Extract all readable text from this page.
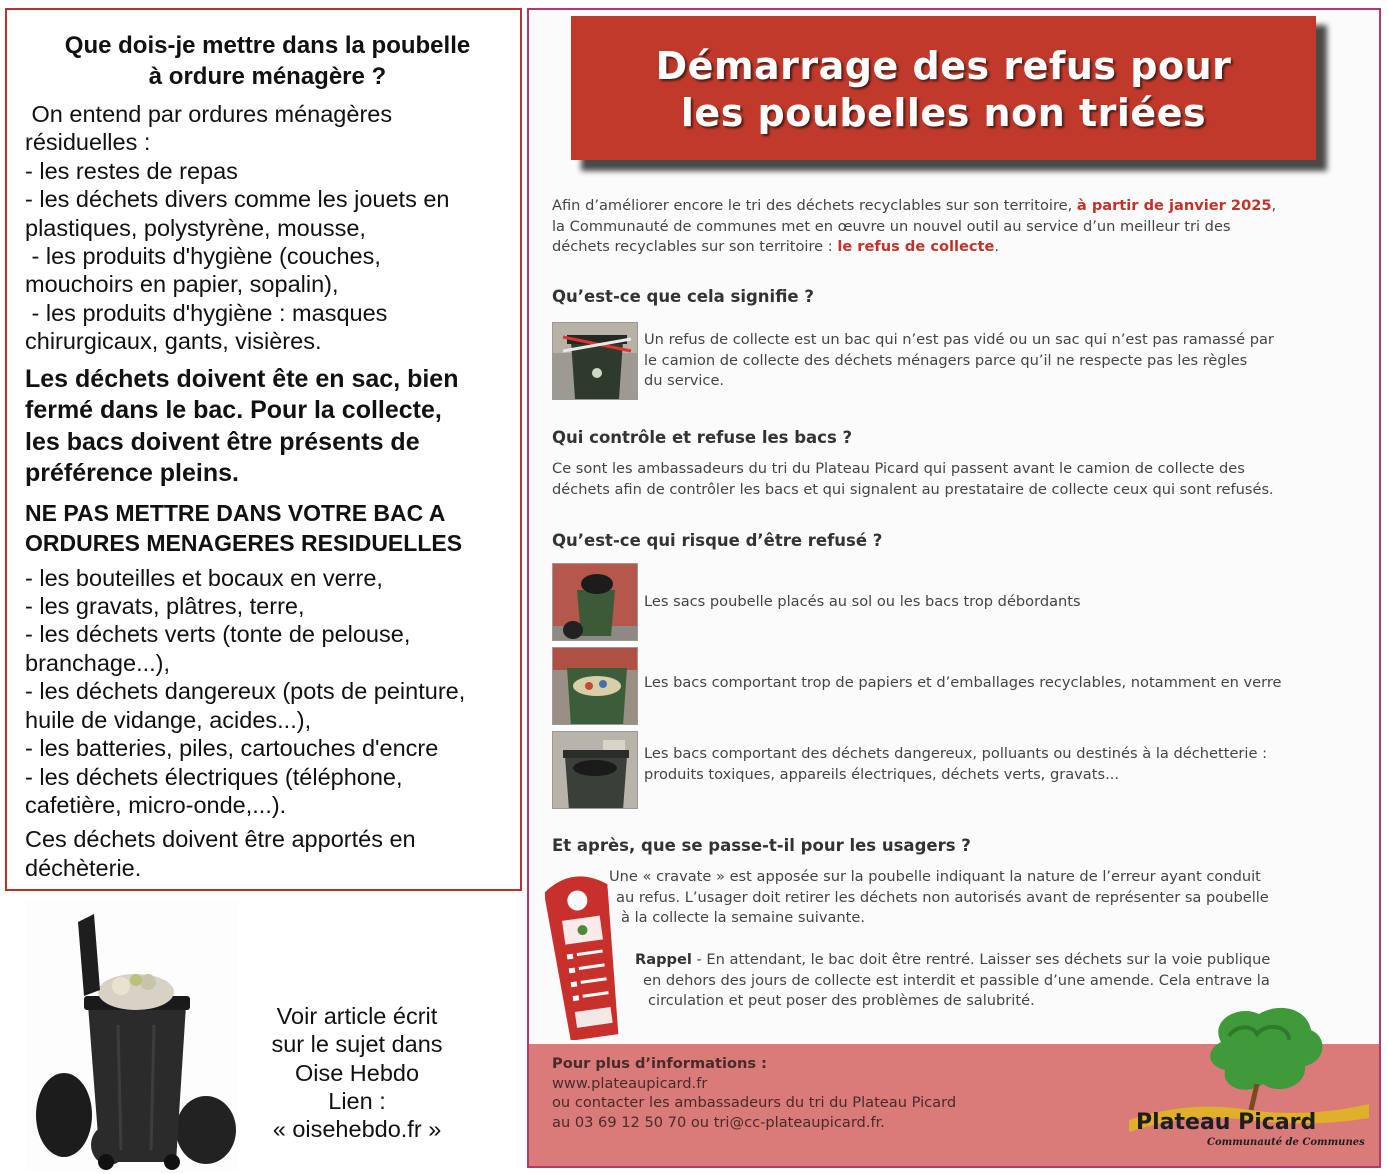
Que dois-je mettre dans la poubelle
à ordure ménagère ?
On entend par ordures ménagères
résiduelles :
- les restes de repas
- les déchets divers comme les jouets en
plastiques, polystyrène, mousse,
- les produits d'hygiène (couches,
mouchoirs en papier, sopalin),
- les produits d'hygiène : masques
chirurgicaux, gants, visières.
Les déchets doivent ête en sac, bien
fermé dans le bac. Pour la collecte,
les bacs doivent être présents de
préférence pleins.
NE PAS METTRE DANS VOTRE BAC A
ORDURES MENAGERES RESIDUELLES
- les bouteilles et bocaux en verre,
- les gravats, plâtres, terre,
- les déchets verts (tonte de pelouse,
branchage...),
- les déchets dangereux (pots de peinture,
huile de vidange, acides...),
- les batteries, piles, cartouches d'encre
- les déchets électriques (téléphone,
cafetière, micro-onde,...).
Ces déchets doivent être apportés en
déchèterie.
Voir article écrit
sur le sujet dans
Oise Hebdo
Lien :
« oisehebdo.fr »
Démarrage des refus pour
les poubelles non triées
Afin d’améliorer encore le tri des déchets recyclables sur son territoire, à partir de janvier 2025,
la Communauté de communes met en œuvre un nouvel outil au service d’un meilleur tri des
déchets recyclables sur son territoire : le refus de collecte.
Qu’est-ce que cela signifie ?
Un refus de collecte est un bac qui n’est pas vidé ou un sac qui n’est pas ramassé par
le camion de collecte des déchets ménagers parce qu’il ne respecte pas les règles
du service.
Qui contrôle et refuse les bacs ?
Ce sont les ambassadeurs du tri du Plateau Picard qui passent avant le camion de collecte des
déchets afin de contrôler les bacs et qui signalent au prestataire de collecte ceux qui sont refusés.
Qu’est-ce qui risque d’être refusé ?
Les sacs poubelle placés au sol ou les bacs trop débordants
Les bacs comportant trop de papiers et d’emballages recyclables, notamment en verre
Les bacs comportant des déchets dangereux, polluants ou destinés à la déchetterie :
produits toxiques, appareils électriques, déchets verts, gravats...
Et après, que se passe-t-il pour les usagers ?
Une « cravate » est apposée sur la poubelle indiquant la nature de l’erreur ayant conduit
au refus. L’usager doit retirer les déchets non autorisés avant de représenter sa poubelle
à la collecte la semaine suivante.
Rappel - En attendant, le bac doit être rentré. Laisser ses déchets sur la voie publique
en dehors des jours de collecte est interdit et passible d’une amende. Cela entrave la
circulation et peut poser des problèmes de salubrité.
Pour plus d’informations :
www.plateaupicard.fr
ou contacter les ambassadeurs du tri du Plateau Picard
au 03 69 12 50 70 ou tri@cc-plateaupicard.fr.	Plateau Picard
Communauté de Communes
